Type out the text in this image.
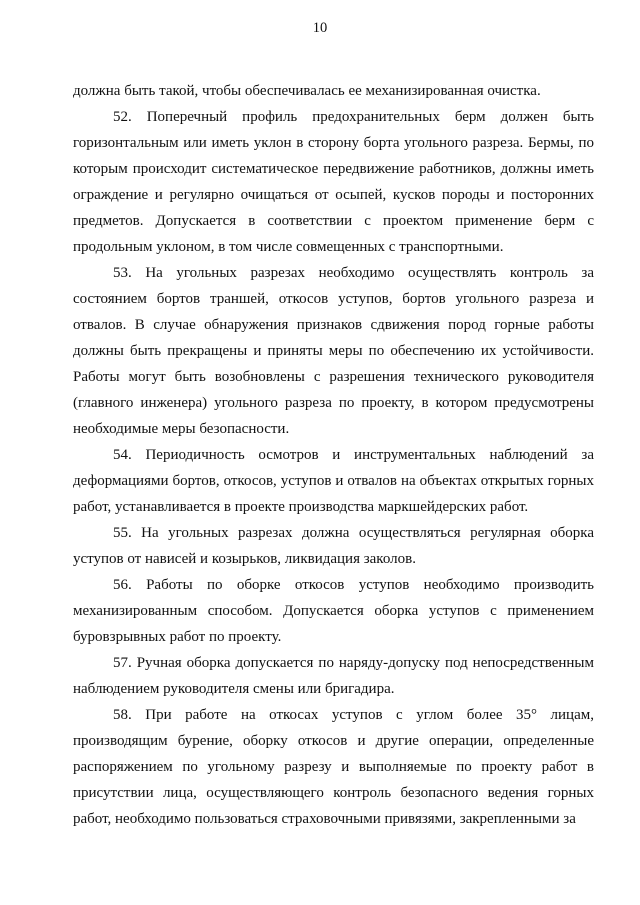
10

должна быть такой, чтобы обеспечивалась ее механизированная очистка.

52. Поперечный профиль предохранительных берм должен быть горизонтальным или иметь уклон в сторону борта угольного разреза. Бермы, по которым происходит систематическое передвижение работников, должны иметь ограждение и регулярно очищаться от осыпей, кусков породы и посторонних предметов. Допускается в соответствии с проектом применение берм с продольным уклоном, в том числе совмещенных с транспортными.

53. На угольных разрезах необходимо осуществлять контроль за состоянием бортов траншей, откосов уступов, бортов угольного разреза и отвалов. В случае обнаружения признаков сдвижения пород горные работы должны быть прекращены и приняты меры по обеспечению их устойчивости. Работы могут быть возобновлены с разрешения технического руководителя (главного инженера) угольного разреза по проекту, в котором предусмотрены необходимые меры безопасности.

54. Периодичность осмотров и инструментальных наблюдений за деформациями бортов, откосов, уступов и отвалов на объектах открытых горных работ, устанавливается в проекте производства маркшейдерских работ.

55. На угольных разрезах должна осуществляться регулярная оборка уступов от нависей и козырьков, ликвидация заколов.

56. Работы по оборке откосов уступов необходимо производить механизированным способом. Допускается оборка уступов с применением буровзрывных работ по проекту.

57. Ручная оборка допускается по наряду-допуску под непосредственным наблюдением руководителя смены или бригадира.

58. При работе на откосах уступов с углом более 35° лицам, производящим бурение, оборку откосов и другие операции, определенные распоряжением по угольному разрезу и выполняемые по проекту работ в присутствии лица, осуществляющего контроль безопасного ведения горных работ, необходимо пользоваться страховочными привязями, закрепленными за
